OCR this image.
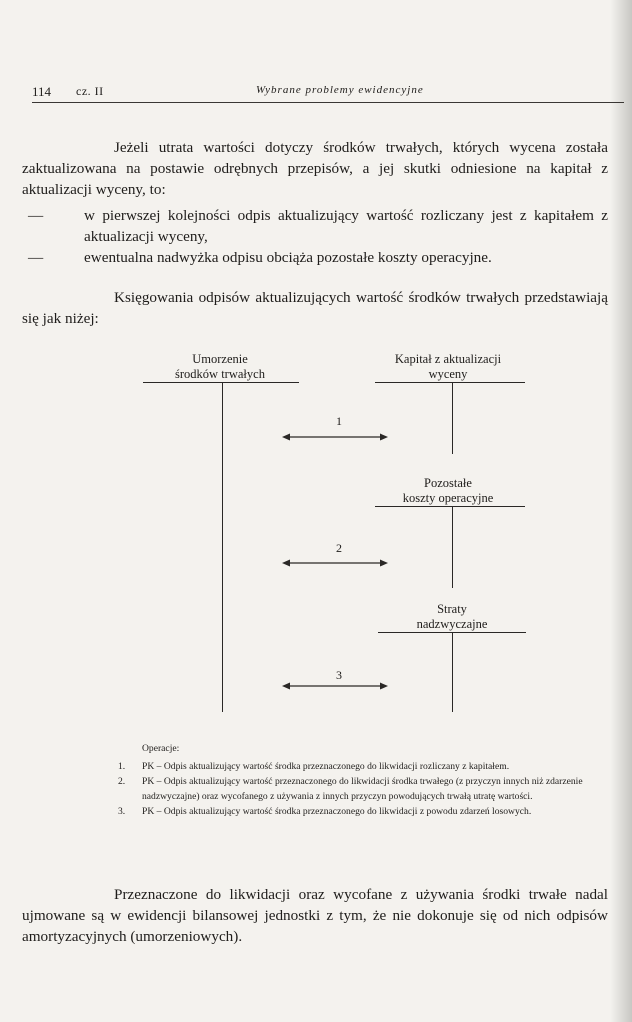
114 cz. II	Wybrane problemy ewidencyjne
Jeżeli utrata wartości dotyczy środków trwałych, których wycena została zaktualizowana na postawie odrębnych przepisów, a jej skutki odniesione na kapitał z aktualizacji wyceny, to:
—	w pierwszej kolejności odpis aktualizujący wartość rozliczany jest z kapitałem z aktualizacji wyceny,
—	ewentualna nadwyżka odpisu obciąża pozostałe koszty operacyjne.
Księgowania odpisów aktualizujących wartość środków trwałych przedstawiają się jak niżej:
Umorzenie
środków trwałych
Kapitał z aktualizacji
wyceny
Pozostałe
koszty operacyjne
Straty
nadzwyczajne
1
2
3
Operacje:
1. PK – Odpis aktualizujący wartość środka przeznaczonego do likwidacji rozliczany z kapitałem.
2. PK – Odpis aktualizujący wartość przeznaczonego do likwidacji środka trwałego (z przyczyn innych niż zdarzenie nadzwyczajne) oraz wycofanego z używania z innych przyczyn powodujących trwałą utratę wartości.
3. PK – Odpis aktualizujący wartość środka przeznaczonego do likwidacji z powodu zdarzeń losowych.
Przeznaczone do likwidacji oraz wycofane z używania środki trwałe nadal ujmowane są w ewidencji bilansowej jednostki z tym, że nie dokonuje się od nich odpisów amortyzacyjnych (umorzeniowych).
